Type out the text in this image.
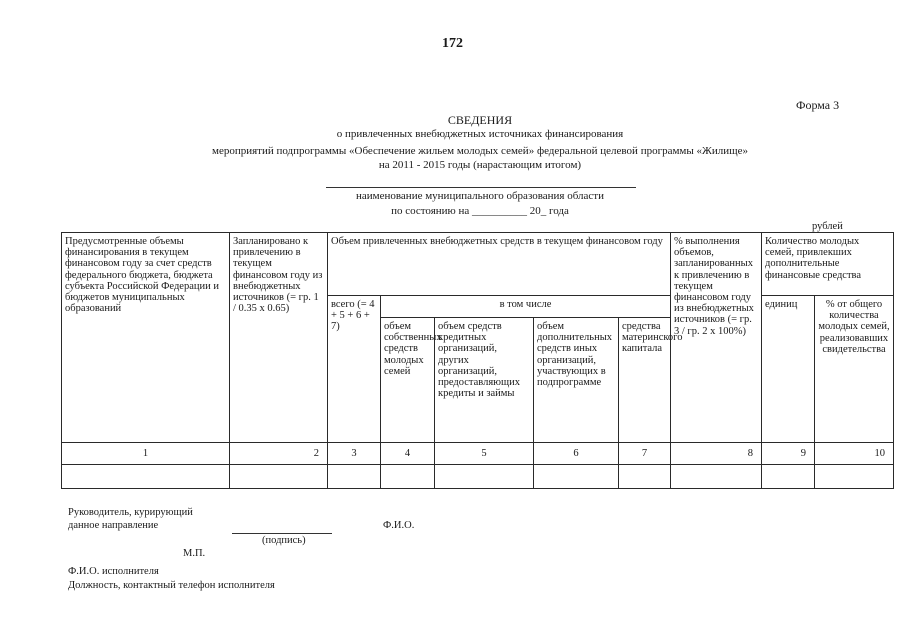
172
Форма 3
СВЕДЕНИЯ
о привлеченных внебюджетных источниках финансирования
мероприятий подпрограммы «Обеспечение жильем молодых семей» федеральной целевой программы «Жилище»
на 2011 - 2015 годы (нарастающим итогом)
наименование муниципального образования области
по состоянию на __________ 20_ года
рублей
Предусмотренные объемы финансирования в текущем финансовом году за счет средств федерального бюджета, бюджета субъекта Российской Федерации и бюджетов муниципальных образований	Запланировано к привлечению в текущем финансовом году из внебюджетных источников (= гр. 1 / 0.35 x 0.65)	Объем привлеченных внебюджетных средств в текущем финансовом году					% выполнения объемов, запланированных к привлечению в текущем финансовом году из внебюджетных источников (= гр. 3 / гр. 2 x 100%)	Количество молодых семей, привлекших дополнительные финансовые средства	
		всего (= 4 + 5 + 6 + 7)	в том числе					единиц	% от общего количества молодых семей, реализовавших свидетельства
			объем собственных средств молодых семей	объем средств кредитных организаций, других организаций, предоставляющих кредиты и займы	объем дополнительных средств иных организаций, участвующих в подпрограмме	средства материнского капитала			
1	2	3	4	5	6	7	8	9	10

Руководитель, курирующий
данное направление
(подпись)
Ф.И.О.
М.П.
Ф.И.О. исполнителя
Должность, контактный телефон исполнителя
